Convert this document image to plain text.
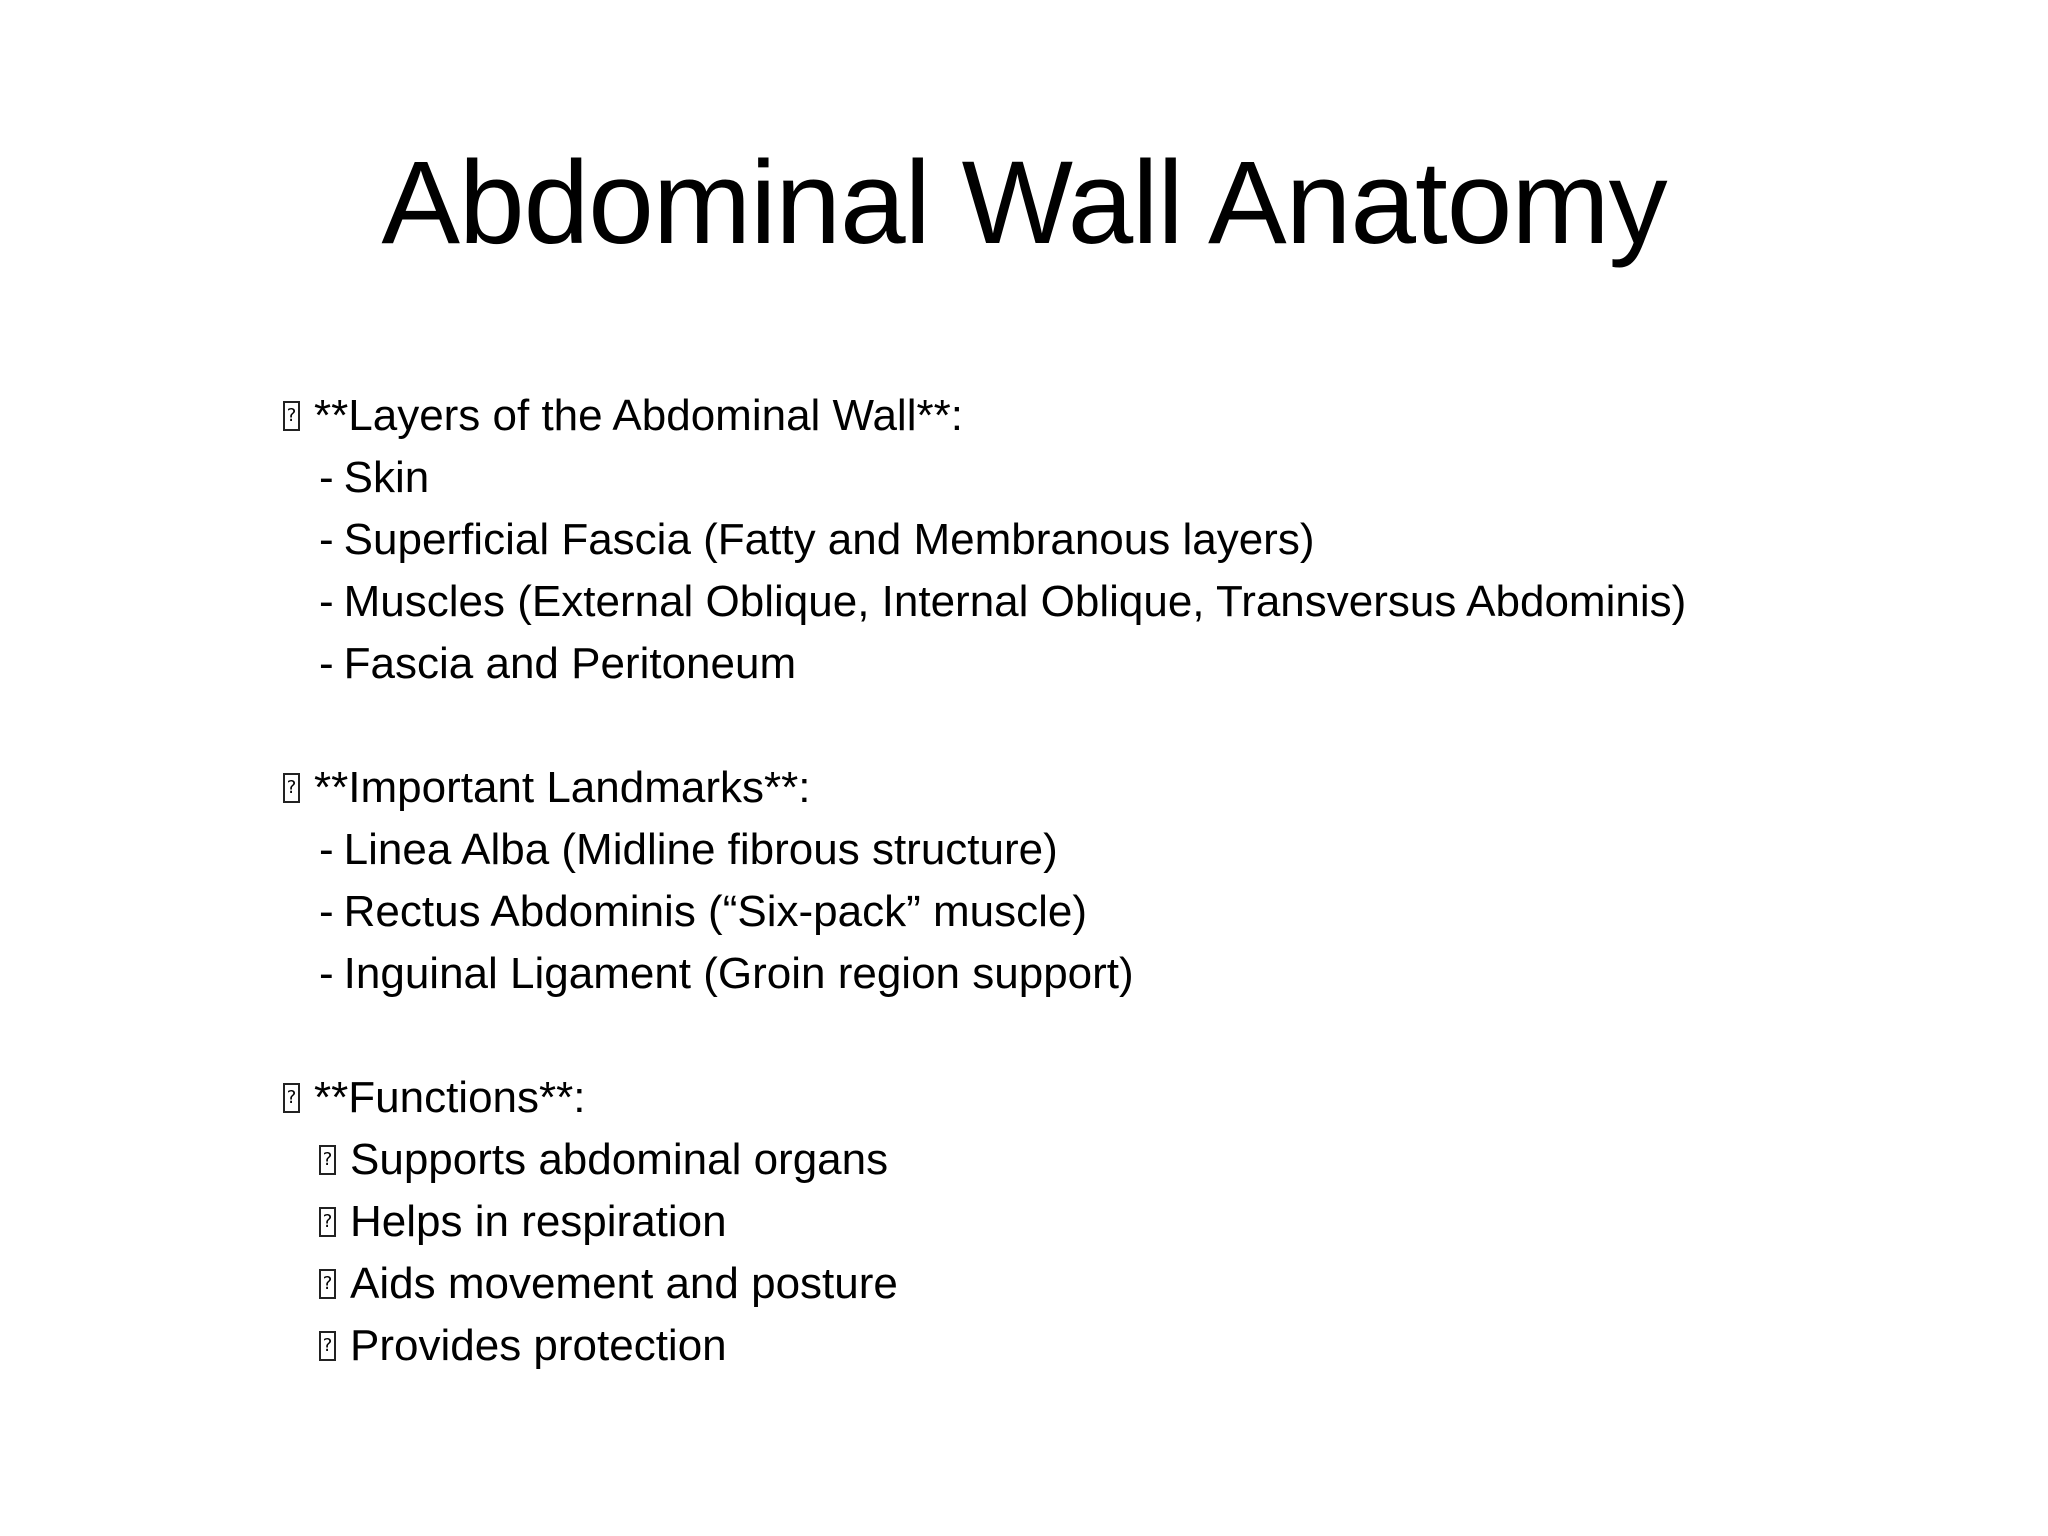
Abdominal Wall Anatomy
?
**Layers of the Abdominal Wall**:
- Skin
- Superficial Fascia (Fatty and Membranous layers)
- Muscles (External Oblique, Internal Oblique, Transversus Abdominis)
- Fascia and Peritoneum
?
**Important Landmarks**:
- Linea Alba (Midline fibrous structure)
- Rectus Abdominis (“Six-pack” muscle)
- Inguinal Ligament (Groin region support)
?
**Functions**:
?
Supports abdominal organs
?
Helps in respiration
?
Aids movement and posture
?
Provides protection
